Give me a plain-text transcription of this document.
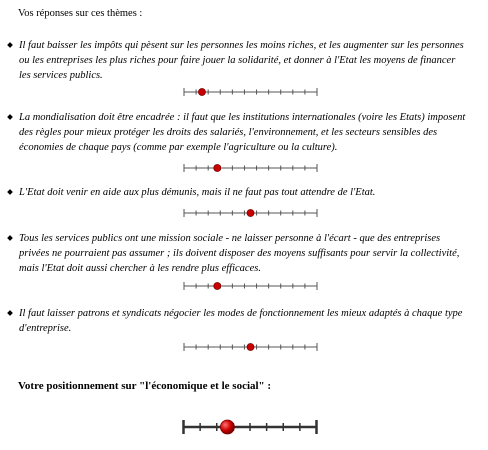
Vos réponses sur ces thèmes :
Il faut baisser les impôts qui pèsent sur les personnes les moins riches, et les augmenter sur les personnes ou les entreprises les plus riches pour faire jouer la solidarité, et donner à l'Etat les moyens de financer les services publics.
La mondialisation doit être encadrée : il faut que les institutions internationales (voire les Etats) imposent des règles pour mieux protéger les droits des salariés, l'environnement, et les secteurs sensibles des économies de chaque pays (comme par exemple l'agriculture ou la culture).
L'Etat doit venir en aide aux plus démunis, mais il ne faut pas tout attendre de l'Etat.
Tous les services publics ont une mission sociale - ne laisser personne à l'écart - que des entreprises privées ne pourraient pas assumer ; ils doivent disposer des moyens suffisants pour servir la collectivité, mais l'Etat doit aussi chercher à les rendre plus efficaces.
Il faut laisser patrons et syndicats négocier les modes de fonctionnement les mieux adaptés à chaque type d'entreprise.
Votre positionnement sur "l'économique et le social" :
